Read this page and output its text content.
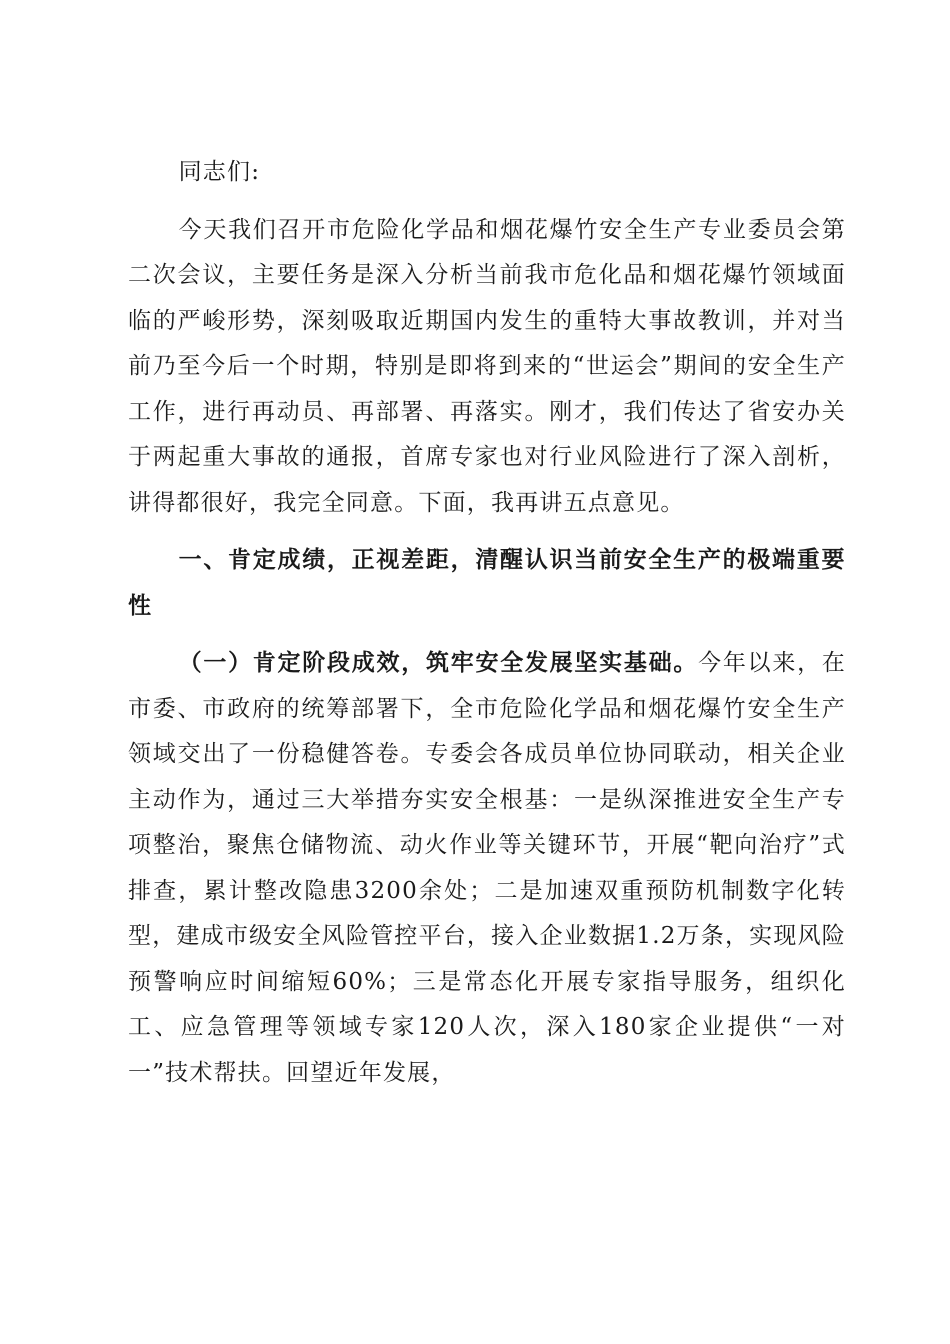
同志们:

今天我们召开市危险化学品和烟花爆竹安全生产专业委员会第二次会议，主要任务是深入分析当前我市危化品和烟花爆竹领域面临的严峻形势，深刻吸取近期国内发生的重特大事故教训，并对当前乃至今后一个时期，特别是即将到来的“世运会”期间的安全生产工作，进行再动员、再部署、再落实。刚才，我们传达了省安办关于两起重大事故的通报，首席专家也对行业风险进行了深入剖析，讲得都很好，我完全同意。下面，我再讲五点意见。

一、肯定成绩，正视差距，清醒认识当前安全生产的极端重要性

（一）肯定阶段成效，筑牢安全发展坚实基础。今年以来，在市委、市政府的统筹部署下，全市危险化学品和烟花爆竹安全生产领域交出了一份稳健答卷。专委会各成员单位协同联动，相关企业主动作为，通过三大举措夯实安全根基：一是纵深推进安全生产专项整治，聚焦仓储物流、动火作业等关键环节，开展“靶向治疗”式排查，累计整改隐患3200余处；二是加速双重预防机制数字化转型，建成市级安全风险管控平台，接入企业数据1.2万条，实现风险预警响应时间缩短60%；三是常态化开展专家指导服务，组织化工、应急管理等领域专家120人次，深入180家企业提供“一对一”技术帮扶。回望近年发展，
